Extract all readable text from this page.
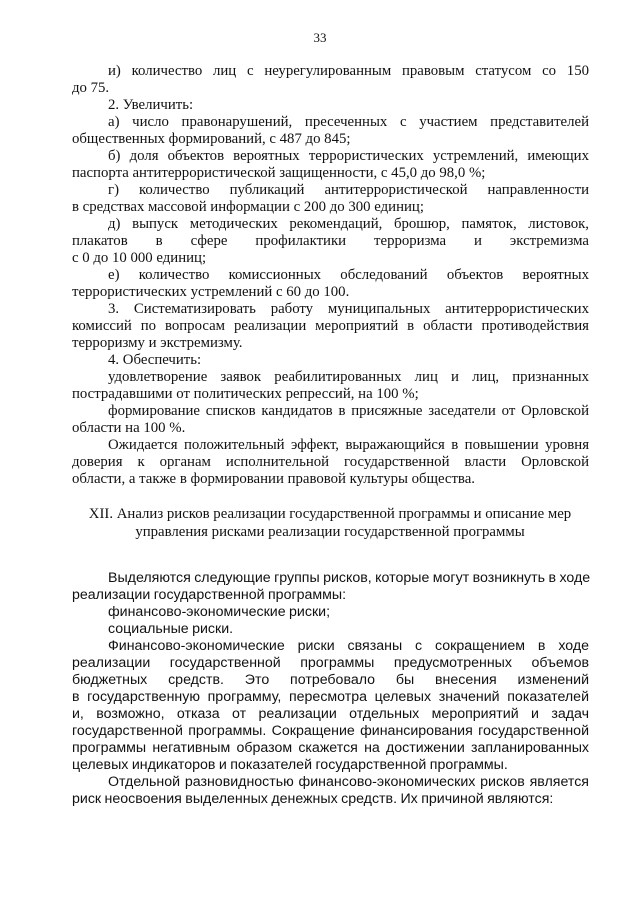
33
и) количество лиц с неурегулированным правовым статусом со 150
до 75.
2. Увеличить:
а) число правонарушений, пресеченных с участием представителей
общественных формирований, с 487 до 845;
б) доля объектов вероятных террористических устремлений, имеющих
паспорта антитеррористической защищенности, с 45,0 до 98,0 %;
г) количество публикаций антитеррористической направленности
в средствах массовой информации с 200 до 300 единиц;
д) выпуск методических рекомендаций, брошюр, памяток, листовок,
плакатов в сфере профилактики терроризма и экстремизма
с 0 до 10 000 единиц;
е) количество комиссионных обследований объектов вероятных
террористических устремлений с 60 до 100.
3. Систематизировать работу муниципальных антитеррористических
комиссий по вопросам реализации мероприятий в области противодействия
терроризму и экстремизму.
4. Обеспечить:
удовлетворение заявок реабилитированных лиц и лиц, признанных
пострадавшими от политических репрессий, на 100 %;
формирование списков кандидатов в присяжные заседатели от Орловской
области на 100 %.
Ожидается положительный эффект, выражающийся в повышении уровня
доверия к органам исполнительной государственной власти Орловской
области, а также в формировании правовой культуры общества.
XII. Анализ рисков реализации государственной программы и описание мер
управления рисками реализации государственной программы
Выделяются следующие группы рисков, которые могут возникнуть в ходе
реализации государственной программы:
финансово-экономические риски;
социальные риски.
Финансово-экономические риски связаны с сокращением в ходе
реализации государственной программы предусмотренных объемов
бюджетных средств. Это потребовало бы внесения изменений
в государственную программу, пересмотра целевых значений показателей
и, возможно, отказа от реализации отдельных мероприятий и задач
государственной программы. Сокращение финансирования государственной
программы негативным образом скажется на достижении запланированных
целевых индикаторов и показателей государственной программы.
Отдельной разновидностью финансово-экономических рисков является
риск неосвоения выделенных денежных средств. Их причиной являются:
